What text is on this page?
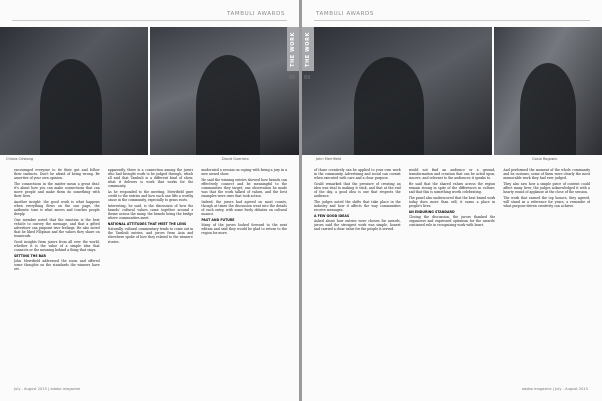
TAMBULI AWARDS
Chiara Cristong	David Guerrero
THE WORK
88

encouraged everyone to tie their gut and follow their instincts. Don't be afraid of being wrong. Be assertive of your own opinion.

The connections in the matter mean a great deal: it's about how you can make connections that can move people and make them do something with their lives.

Another insight: the good work is what happens when everything flows on the one page, the authentic tone is what moves and touches people deeply.

One member noted that the emotion is the best vehicle to convey the message, and that a gifted advertiser can pinpoint true feelings. He also noted that he liked Filipinos and the values they share on teamwork.

Good insights from jurors from all over the world, whether it is the value of a simple idea that connects or the meaning behind a thing that stays.

SETTING THE BAR

John Merrifield addressed the room and offered some thoughts on the standards the winners have set.

apparently, there is a connection among the jurors who had brought work to be judged through, which all said that Tambuli is a different kind of show; what it delivers is work that works for the community.

As he responded to the meeting, Merrifield gave credit to the entries and how each one lifts a worthy cause in the community, especially to grass roots.

Interesting, he said, is the discussion of how the brands' cultural values came together around a theme across the many, the brands being the bridge where communities meet.

NATIONAL ATTITUDES THAT MEET THE LENS

Naturally, cultural commentary tends to come out in the Tambuli entries, and jurors from Asia and elsewhere spoke of how they related to the winners' stories.

moderated a session on coping with being a jury in a new award show.

He said the winning entries showed how brands can effectively connect and be meaningful to the communities they target; one observation he made was that the work talked of values, and the best examples were ones that took action.

Indeed, the jurors had agreed on most counts, though at times the discussion went into the details of each entry, with some lively debates on cultural nuance.

PAST AND FUTURE

Many of the jurors looked forward to the next edition and said they would be glad to return to the region for more.

July - August 2015 | adobo magazine
TAMBULI AWARDS
John Merrifield	Gosia Rogowic
THE WORK
89

of those creatively can be applied to your own work in the community. Advertising and social can coexist when executed with care and a clear purpose.

Gould remarked that the pressure of creating an idea was vital to making it stick, and that at the end of the day, a good idea is one that respects the audience.

The judges noted the shifts that take place in the industry and how it affects the way communities receive messages.

A FEW GOOD IDEAS

Asked about how entries were chosen for awards, jurors said the strongest work was simple, honest and carried a clear value for the people it served.

would not find an audience or a ground, transformation and creation that can be acted upon, sincere, and relevant to the audiences it speaks to.

He said that the shared values across the region remain strong in spite of the differences in culture, and that this is something worth celebrating.

The panel also underscored that the best brand work today does more than sell; it earns a place in people's lives.

AN ENDURING STANDARD

Closing the discussion, the jurors thanked the organizers and expressed optimism for the awards' continued role in recognizing work with heart.

And performed the moment of the whole community and its customs; some of them were clearly the most memorable work they had ever judged.

They also saw how a simple piece of content could affect many lives; the judges acknowledged it with a hearty round of applause at the close of the session.

The work that earned the top honors, they agreed, will stand as a reference for years, a reminder of what purpose-driven creativity can achieve.

adobo magazine | July - August 2015
